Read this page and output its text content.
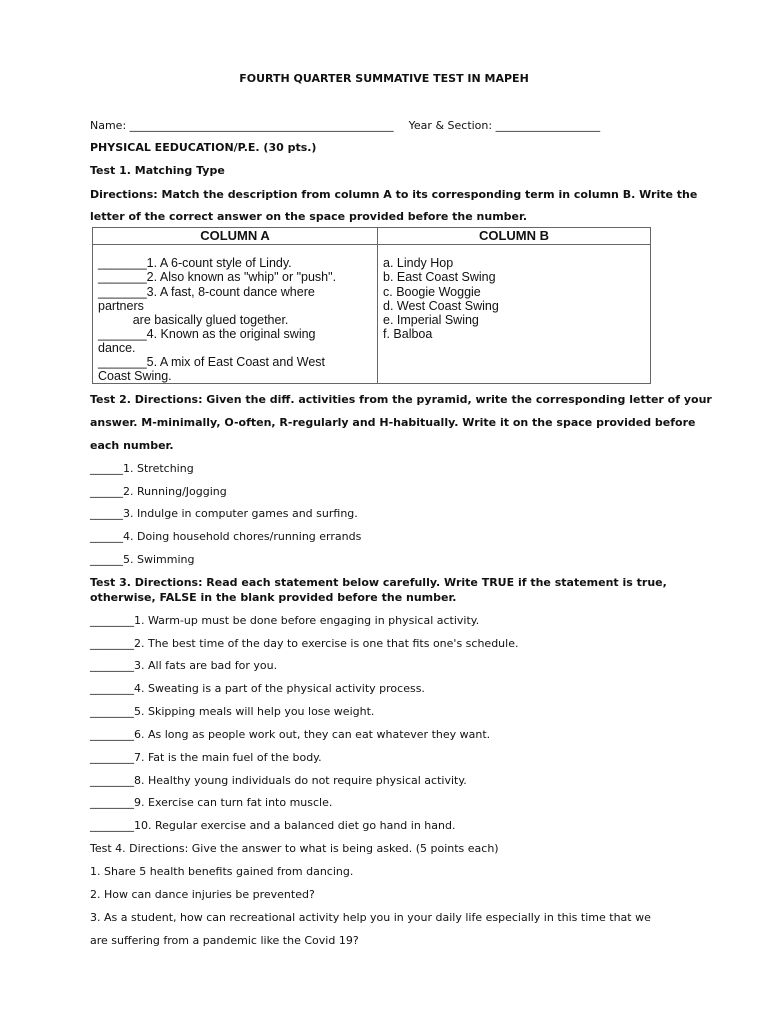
FOURTH QUARTER SUMMATIVE TEST IN MAPEH
Name: ________________________________________________ Year & Section: ___________________
PHYSICAL EEDUCATION/P.E. (30 pts.)
Test 1. Matching Type
Directions: Match the description from column A to its corresponding term in column B. Write the
letter of the correct answer on the space provided before the number.
COLUMN A
_______1. A 6-count style of Lindy.
_______2. Also known as "whip" or "push".
_______3. A fast, 8-count dance where
partners
are basically glued together.
_______4. Known as the original swing
dance.
_______5. A mix of East Coast and West
Coast Swing.
COLUMN B
a. Lindy Hop
b. East Coast Swing
c. Boogie Woggie
d. West Coast Swing
e. Imperial Swing
f. Balboa
Test 2. Directions: Given the diff. activities from the pyramid, write the corresponding letter of your
answer. M-minimally, O-often, R-regularly and H-habitually. Write it on the space provided before
each number.
______1. Stretching
______2. Running/Jogging
______3. Indulge in computer games and surfing.
______4. Doing household chores/running errands
______5. Swimming
Test 3. Directions: Read each statement below carefully. Write TRUE if the statement is true,
otherwise, FALSE in the blank provided before the number.
________1. Warm-up must be done before engaging in physical activity.
________2. The best time of the day to exercise is one that fits one's schedule.
________3. All fats are bad for you.
________4. Sweating is a part of the physical activity process.
________5. Skipping meals will help you lose weight.
________6. As long as people work out, they can eat whatever they want.
________7. Fat is the main fuel of the body.
________8. Healthy young individuals do not require physical activity.
________9. Exercise can turn fat into muscle.
________10. Regular exercise and a balanced diet go hand in hand.
Test 4. Directions: Give the answer to what is being asked. (5 points each)
1. Share 5 health benefits gained from dancing.
2. How can dance injuries be prevented?
3. As a student, how can recreational activity help you in your daily life especially in this time that we
are suffering from a pandemic like the Covid 19?
